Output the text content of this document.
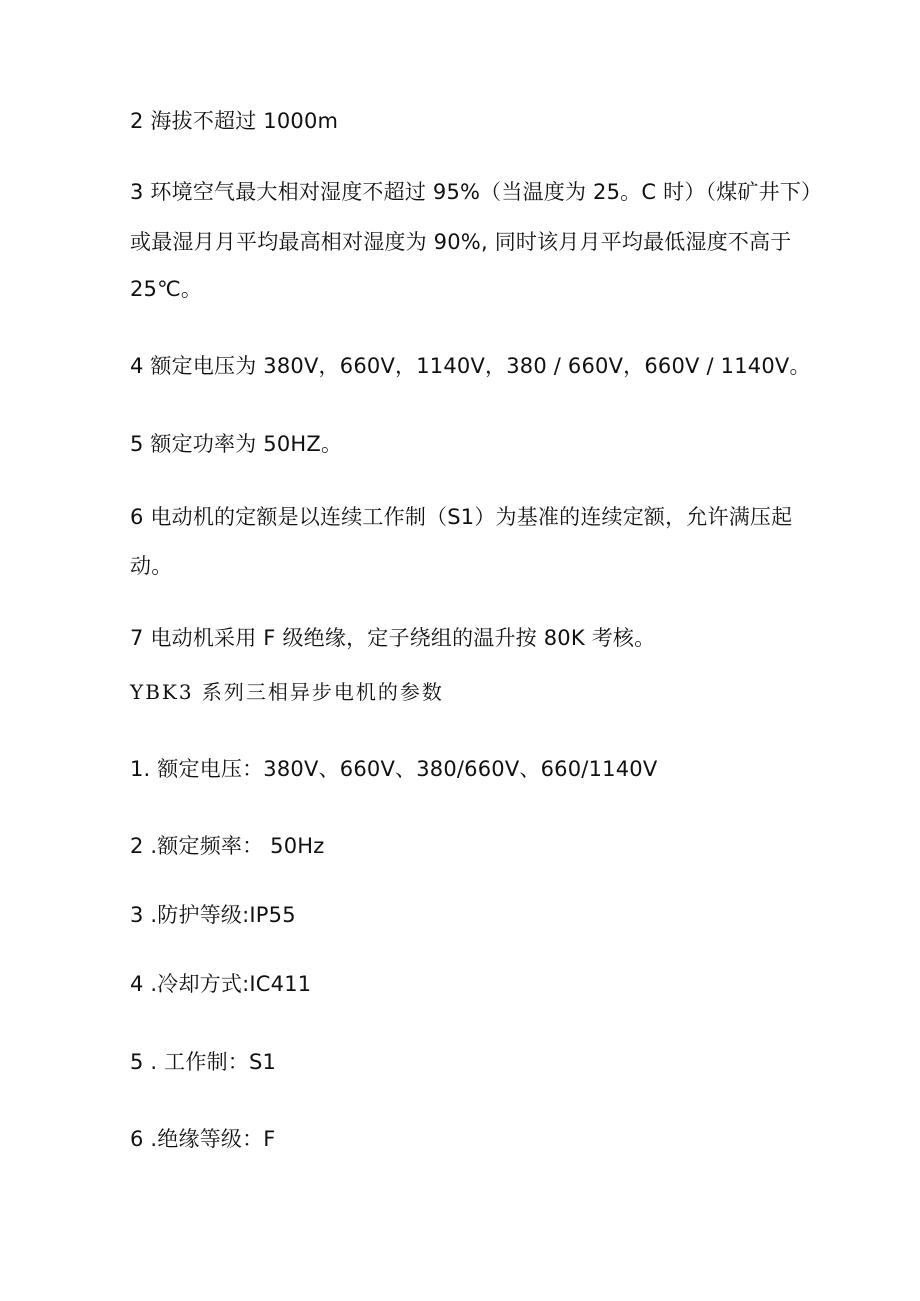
2 海拔不超过 1000m
3 环境空气最大相对湿度不超过 95%（当温度为 25。C 时）（煤矿井下）
或最湿月月平均最高相对湿度为 90%, 同时该月月平均最低湿度不高于
25℃。
4 额定电压为 380V，660V，1140V，380 / 660V，660V / 1140V。
5 额定功率为 50HZ。
6 电动机的定额是以连续工作制（S1）为基准的连续定额，允许满压起
动。
7 电动机采用 F 级绝缘，定子绕组的温升按 80K 考核。
YBK3 系列三相异步电机的参数
1. 额定电压：380V、660V、380/660V、660/1140V
2 .额定频率： 50Hz
3 .防护等级:IP55
4 .冷却方式:IC411
5 . 工作制：S1
6 .绝缘等级：F
